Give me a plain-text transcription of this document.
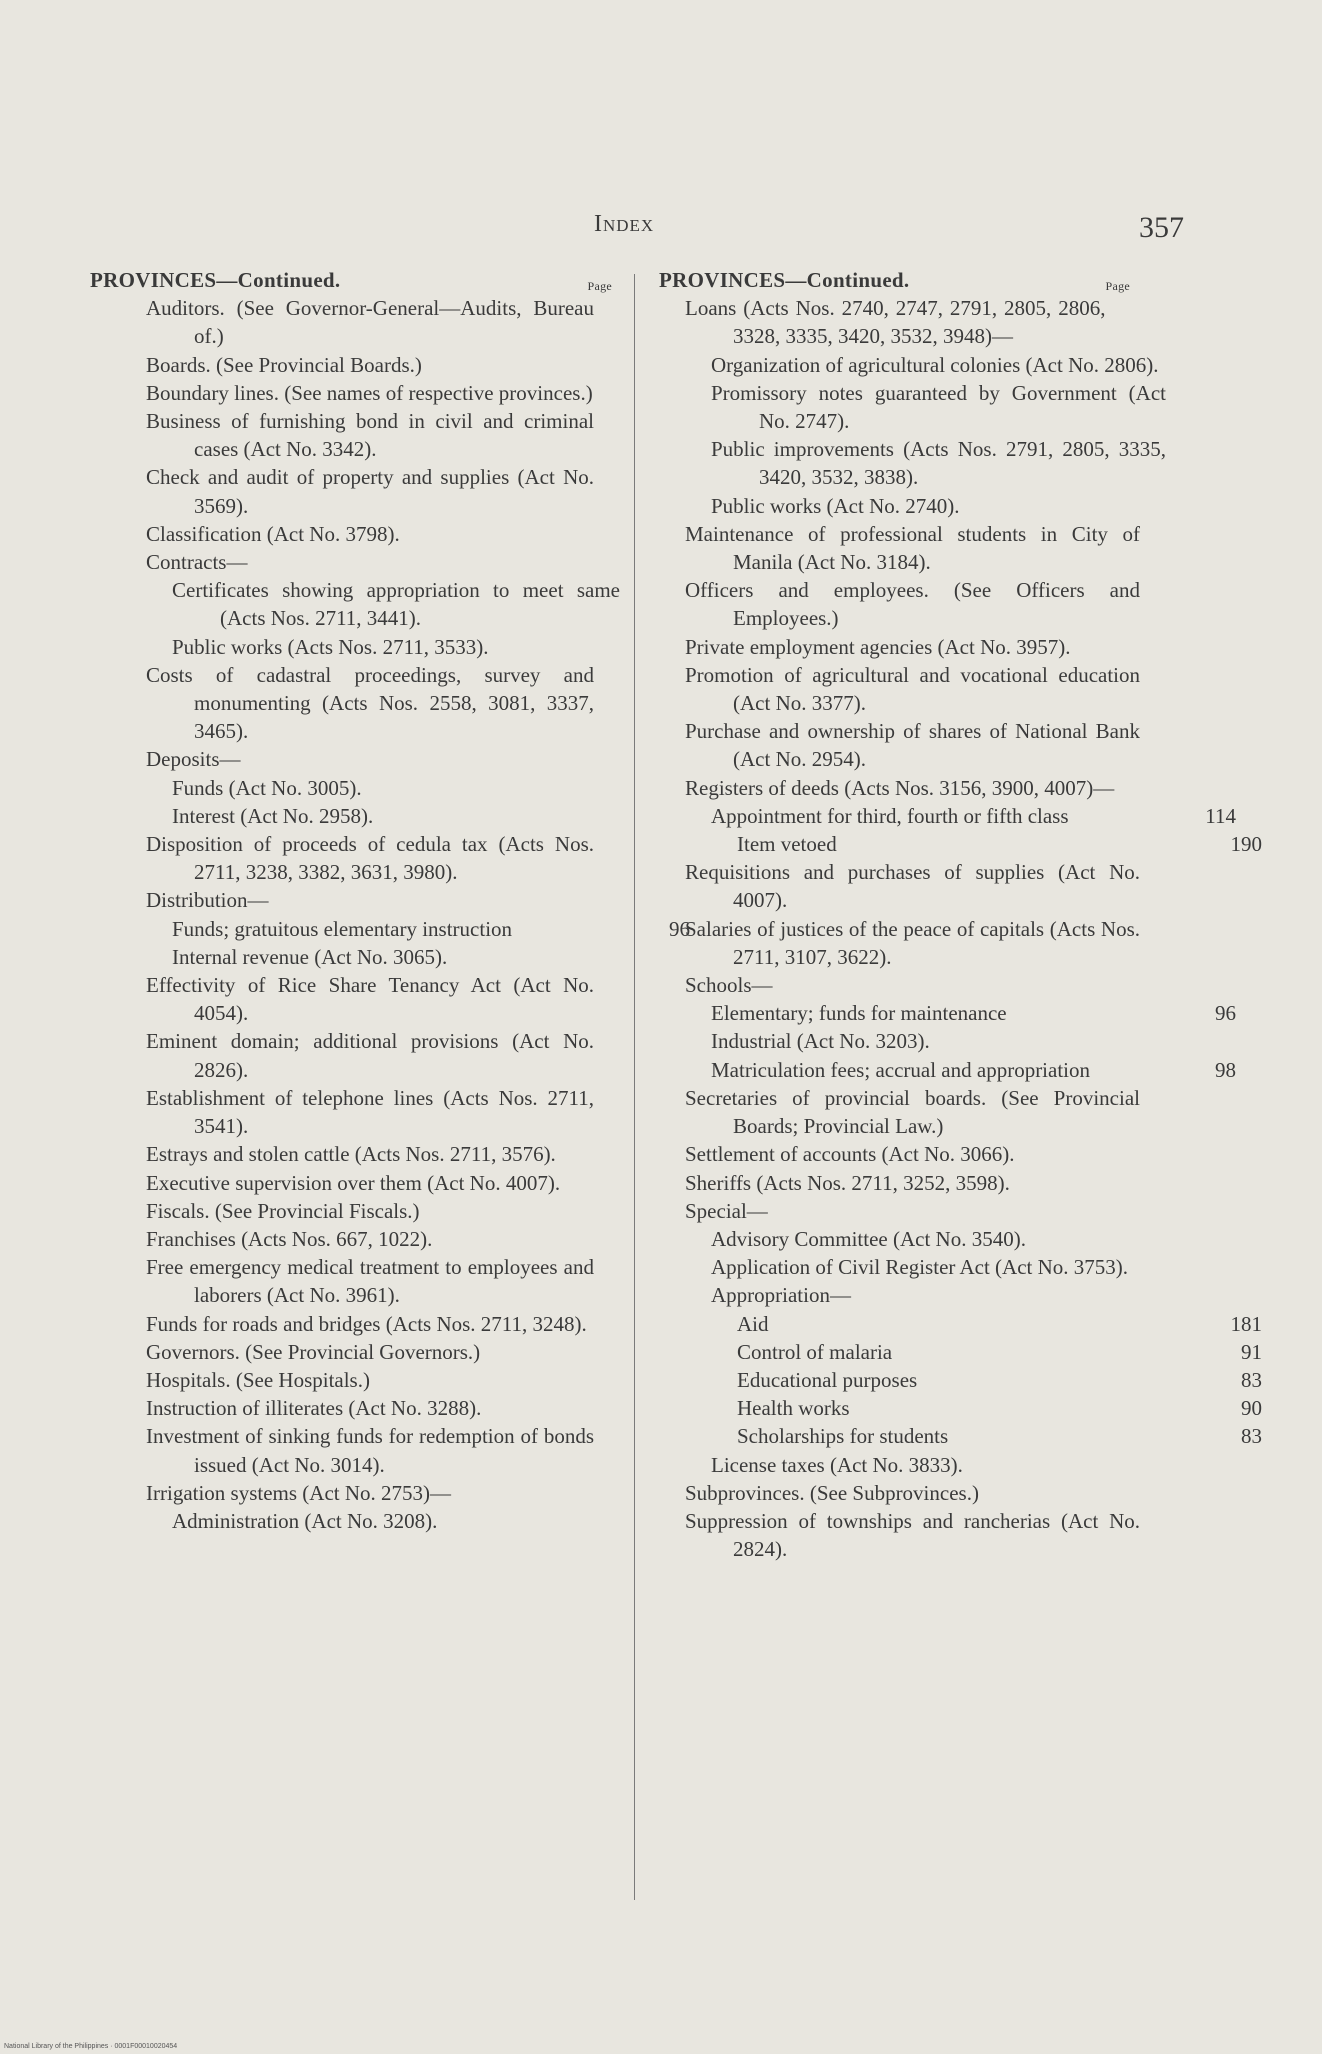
Index	357
PROVINCES—Continued.	Page
Auditors. (See Governor-General—Audits, Bureau of.)
Boards. (See Provincial Boards.)
Boundary lines. (See names of respective provinces.)
Business of furnishing bond in civil and criminal cases (Act No. 3342).
Check and audit of property and supplies (Act No. 3569).
Classification (Act No. 3798).
Contracts—
Certificates showing appropriation to meet same (Acts Nos. 2711, 3441).
Public works (Acts Nos. 2711, 3533).
Costs of cadastral proceedings, survey and monumenting (Acts Nos. 2558, 3081, 3337, 3465).
Deposits—
Funds (Act No. 3005).
Interest (Act No. 2958).
Disposition of proceeds of cedula tax (Acts Nos. 2711, 3238, 3382, 3631, 3980).
Distribution—
Funds; gratuitous elementary instruction	96
Internal revenue (Act No. 3065).
Effectivity of Rice Share Tenancy Act (Act No. 4054).
Eminent domain; additional provisions (Act No. 2826).
Establishment of telephone lines (Acts Nos. 2711, 3541).
Estrays and stolen cattle (Acts Nos. 2711, 3576).
Executive supervision over them (Act No. 4007).
Fiscals. (See Provincial Fiscals.)
Franchises (Acts Nos. 667, 1022).
Free emergency medical treatment to employees and laborers (Act No. 3961).
Funds for roads and bridges (Acts Nos. 2711, 3248).
Governors. (See Provincial Governors.)
Hospitals. (See Hospitals.)
Instruction of illiterates (Act No. 3288).
Investment of sinking funds for redemption of bonds issued (Act No. 3014).
Irrigation systems (Act No. 2753)—
Administration (Act No. 3208).
PROVINCES—Continued.	Page
Loans (Acts Nos. 2740, 2747, 2791, 2805, 2806, 3328, 3335, 3420, 3532, 3948)—
Organization of agricultural colonies (Act No. 2806).
Promissory notes guaranteed by Government (Act No. 2747).
Public improvements (Acts Nos. 2791, 2805, 3335, 3420, 3532, 3838).
Public works (Act No. 2740).
Maintenance of professional students in City of Manila (Act No. 3184).
Officers and employees. (See Officers and Employees.)
Private employment agencies (Act No. 3957).
Promotion of agricultural and vocational education (Act No. 3377).
Purchase and ownership of shares of National Bank (Act No. 2954).
Registers of deeds (Acts Nos. 3156, 3900, 4007)—
Appointment for third, fourth or fifth class	114
Item vetoed	190
Requisitions and purchases of supplies (Act No. 4007).
Salaries of justices of the peace of capitals (Acts Nos. 2711, 3107, 3622).
Schools—
Elementary; funds for maintenance	96
Industrial (Act No. 3203).
Matriculation fees; accrual and appropriation	98
Secretaries of provincial boards. (See Provincial Boards; Provincial Law.)
Settlement of accounts (Act No. 3066).
Sheriffs (Acts Nos. 2711, 3252, 3598).
Special—
Advisory Committee (Act No. 3540).
Application of Civil Register Act (Act No. 3753).
Appropriation—
Aid	181
Control of malaria	91
Educational purposes	83
Health works	90
Scholarships for students	83
License taxes (Act No. 3833).
Subprovinces. (See Subprovinces.)
Suppression of townships and rancherias (Act No. 2824).
National Library of the Philippines · 0001F00010020454
